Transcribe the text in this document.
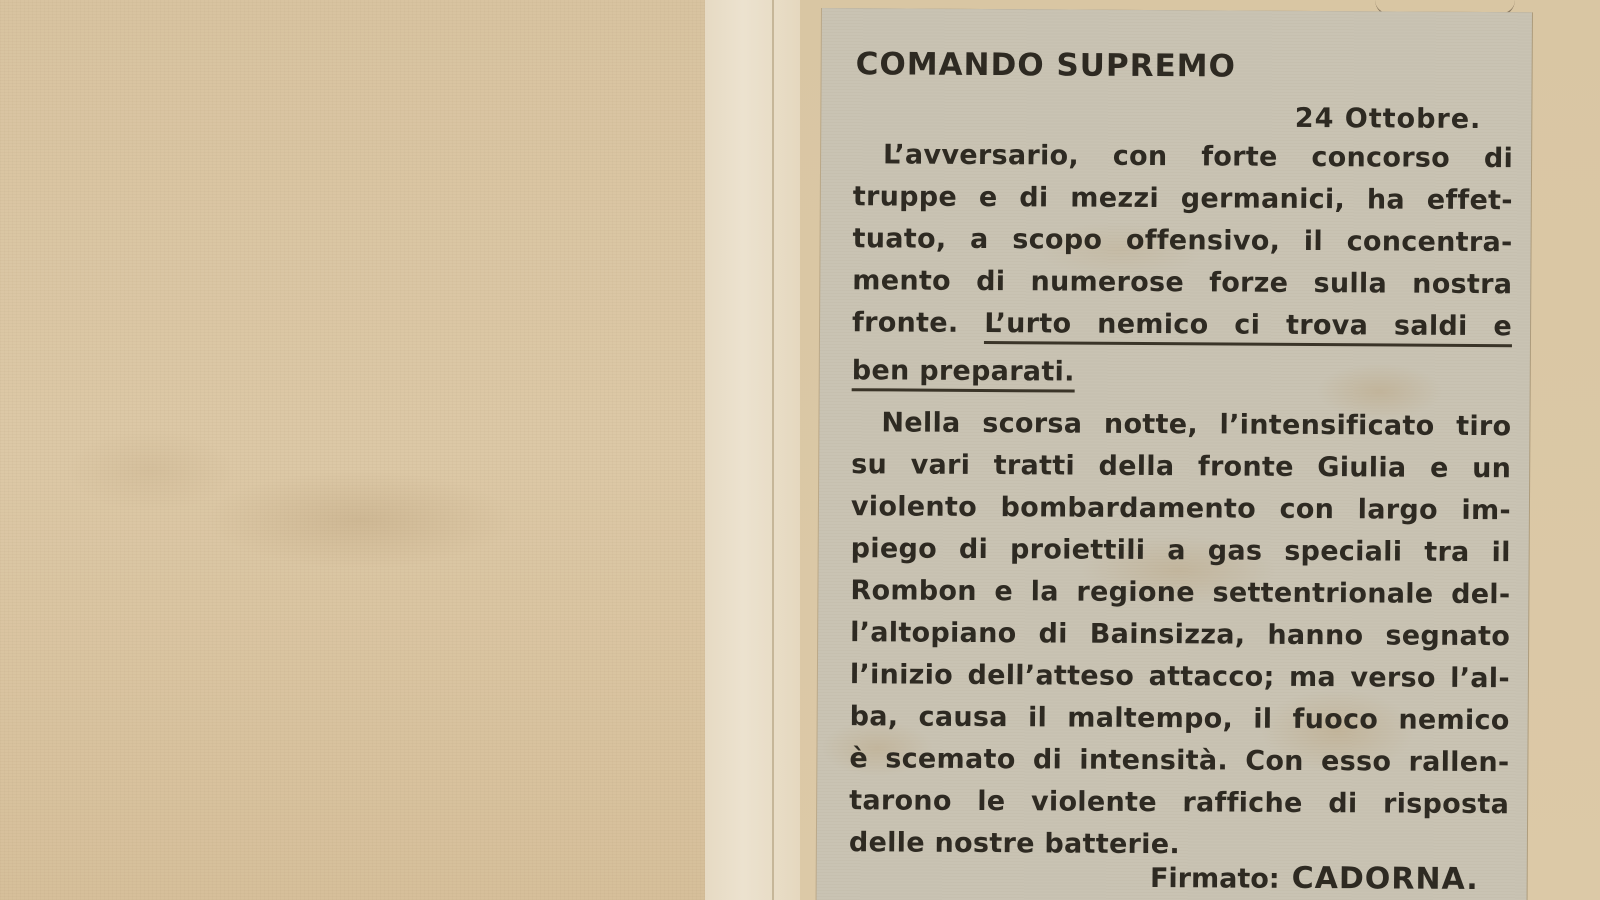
COMANDO SUPREMO
24 Ottobre.
L’avversario, con forte concorso di
truppe e di mezzi germanici, ha effet-
tuato, a scopo offensivo, il concentra-
mento di numerose forze sulla nostra
fronte. L’urto nemico ci trova saldi e
ben preparati.
Nella scorsa notte, l’intensificato tiro
su vari tratti della fronte Giulia e un
violento bombardamento con largo im-
piego di proiettili a gas speciali tra il
Rombon e la regione settentrionale del-
l’altopiano di Bainsizza, hanno segnato
l’inizio dell’atteso attacco; ma verso l’al-
ba, causa il maltempo, il fuoco nemico
è scemato di intensità. Con esso rallen-
tarono le violente raffiche di risposta
delle nostre batterie.
Firmato: CADORNA.
